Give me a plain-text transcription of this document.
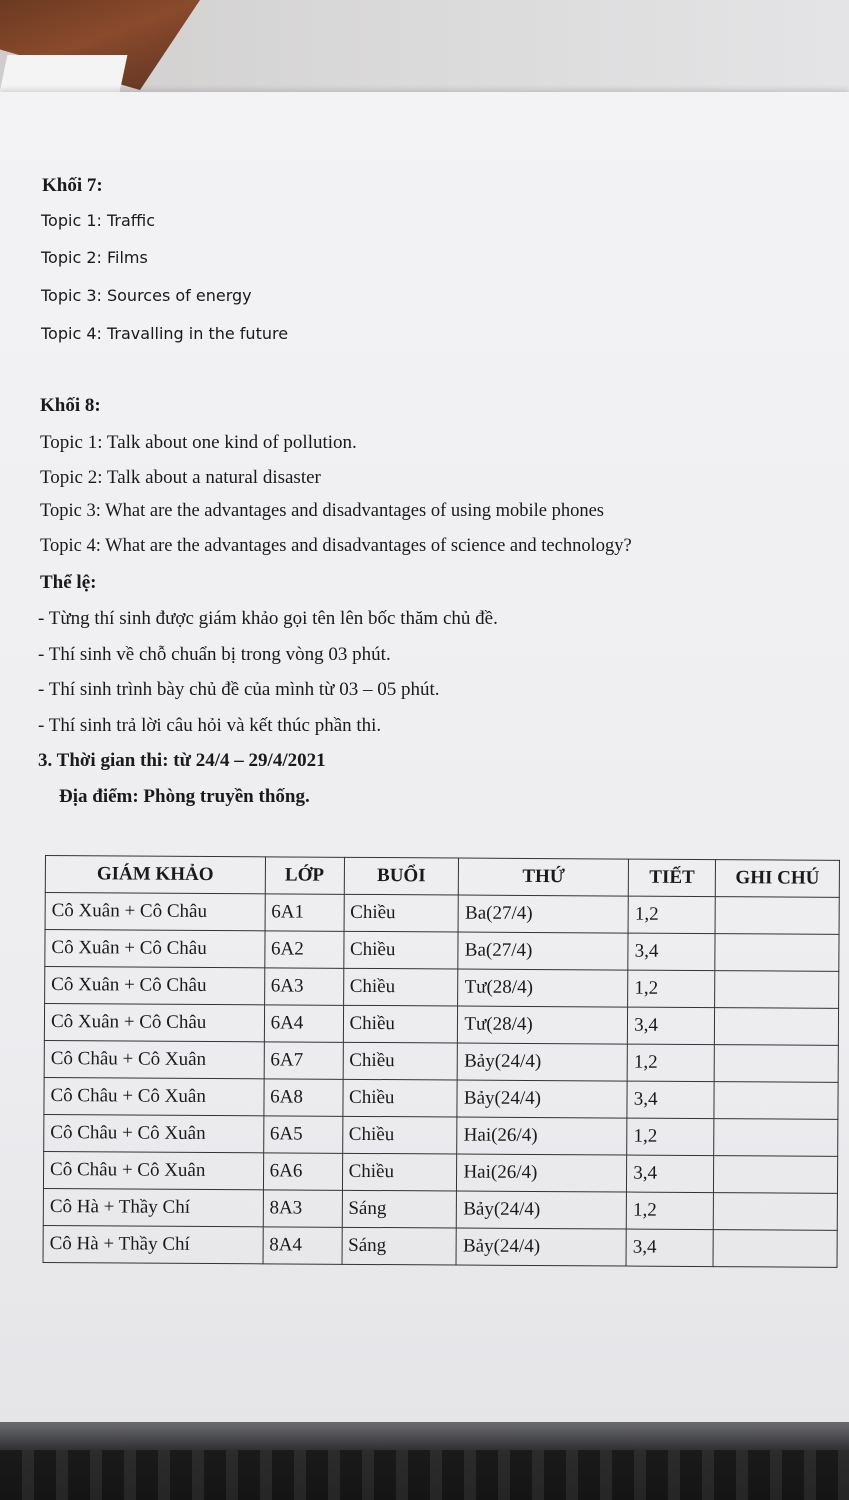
Khối 7:
Topic 1: Traffic
Topic 2: Films
Topic 3: Sources of energy
Topic 4: Travalling in the future
Khối 8:
Topic 1: Talk about one kind of pollution.
Topic 2: Talk about a natural disaster
Topic 3: What are the advantages and disadvantages of using mobile phones
Topic 4: What are the advantages and disadvantages of science and technology?
Thể lệ:
- Từng thí sinh được giám khảo gọi tên lên bốc thăm chủ đề.
- Thí sinh về chỗ chuẩn bị trong vòng 03 phút.
- Thí sinh trình bày chủ đề của mình từ 03 – 05 phút.
- Thí sinh trả lời câu hỏi và kết thúc phần thi.
3. Thời gian thi: từ 24/4 – 29/4/2021
Địa điểm: Phòng truyền thống.
GIÁM KHẢO	LỚP	BUỔI	THỨ	TIẾT	GHI CHÚ
Cô Xuân + Cô Châu	6A1	Chiều	Ba(27/4)	1,2	
Cô Xuân + Cô Châu	6A2	Chiều	Ba(27/4)	3,4	
Cô Xuân + Cô Châu	6A3	Chiều	Tư(28/4)	1,2	
Cô Xuân + Cô Châu	6A4	Chiều	Tư(28/4)	3,4	
Cô Châu + Cô Xuân	6A7	Chiều	Bảy(24/4)	1,2	
Cô Châu + Cô Xuân	6A8	Chiều	Bảy(24/4)	3,4	
Cô Châu + Cô Xuân	6A5	Chiều	Hai(26/4)	1,2	
Cô Châu + Cô Xuân	6A6	Chiều	Hai(26/4)	3,4	
Cô Hà + Thầy Chí	8A3	Sáng	Bảy(24/4)	1,2	
Cô Hà + Thầy Chí	8A4	Sáng	Bảy(24/4)	3,4	
